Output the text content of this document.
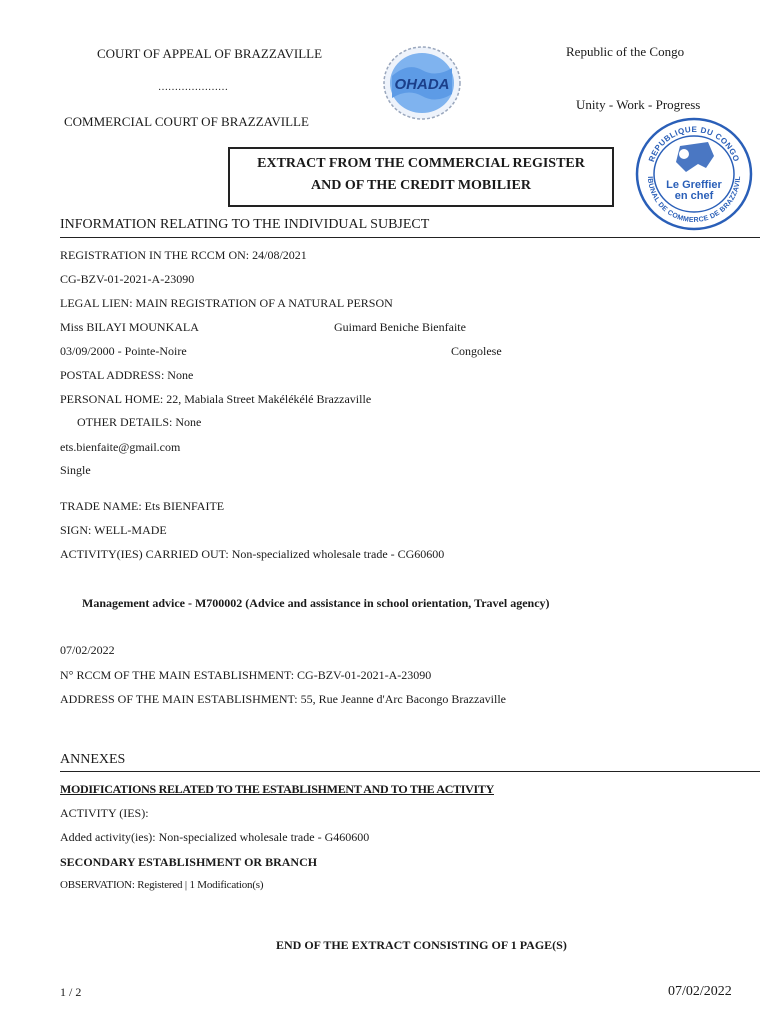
COURT OF APPEAL OF BRAZZAVILLE
…………………
COMMERCIAL COURT OF BRAZZAVILLE
OHADA
Republic of the Congo
Unity - Work - Progress
REPUBLIQUE DU CONGO
IBUNAL DE COMMERCE DE BRAZZAVIL
Le Greffier
en chef
EXTRACT FROM THE COMMERCIAL REGISTER
AND OF THE CREDIT MOBILIER
INFORMATION RELATING TO THE INDIVIDUAL SUBJECT
REGISTRATION IN THE RCCM ON: 24/08/2021
CG-BZV-01-2021-A-23090
LEGAL LIEN: MAIN REGISTRATION OF A NATURAL PERSON
Miss BILAYI MOUNKALA	Guimard Beniche Bienfaite
03/09/2000 - Pointe-Noire	Congolese
POSTAL ADDRESS: None
PERSONAL HOME: 22, Mabiala Street Makélékélé Brazzaville
OTHER DETAILS: None
ets.bienfaite@gmail.com
Single
TRADE NAME: Ets BIENFAITE
SIGN: WELL-MADE
ACTIVITY(IES) CARRIED OUT: Non-specialized wholesale trade - CG60600
Management advice - M700002 (Advice and assistance in school orientation, Travel agency)
07/02/2022
N° RCCM OF THE MAIN ESTABLISHMENT: CG-BZV-01-2021-A-23090
ADDRESS OF THE MAIN ESTABLISHMENT: 55, Rue Jeanne d'Arc Bacongo Brazzaville
ANNEXES
MODIFICATIONS RELATED TO THE ESTABLISHMENT AND TO THE ACTIVITY
ACTIVITY (IES):
Added activity(ies): Non-specialized wholesale trade - G460600
SECONDARY ESTABLISHMENT OR BRANCH
OBSERVATION: Registered | 1 Modification(s)
END OF THE EXTRACT CONSISTING OF 1 PAGE(S)
1 / 2	07/02/2022
